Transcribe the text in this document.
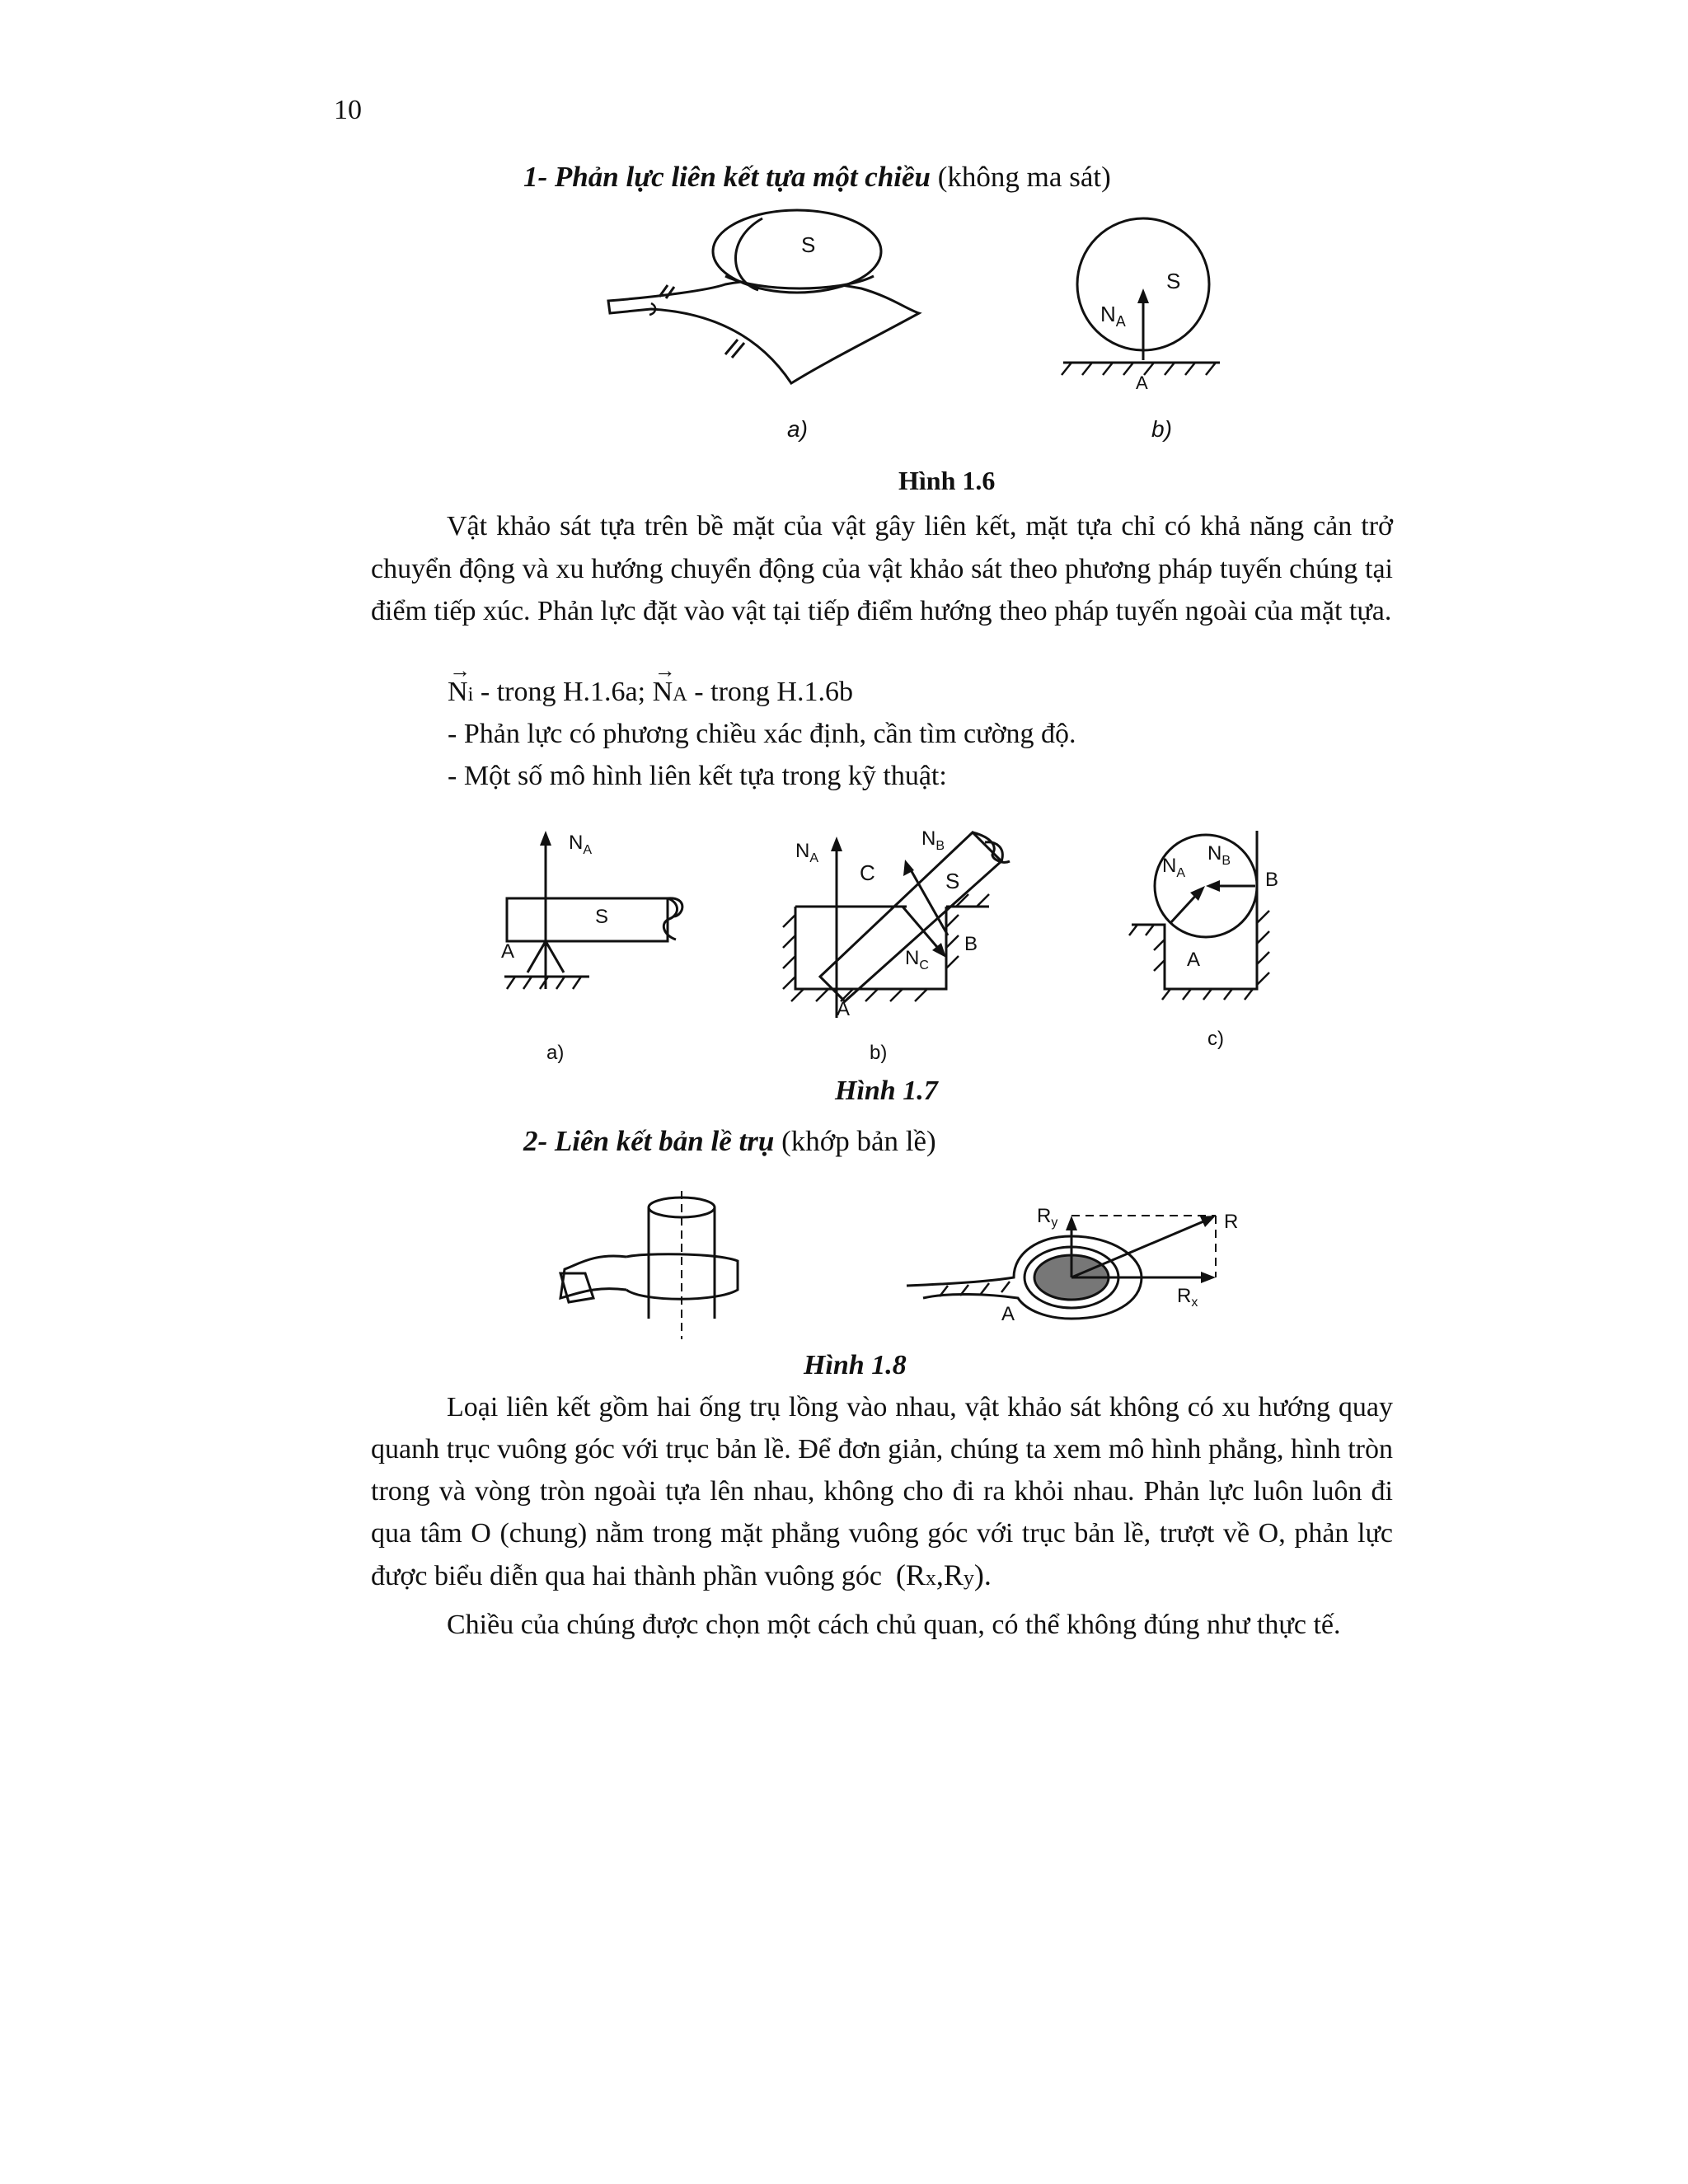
10
1- Phản lực liên kết tựa một chiều (không ma sát)
S
a)
S
$N_A$
A
b)
Hình 1.6

Vật khảo sát tựa trên bề mặt của vật gây liên kết, mặt tựa chỉ có khả năng cản trở chuyển động và xu hướng chuyển động của vật khảo sát theo phương pháp tuyến chúng tại điểm tiếp xúc. Phản lực đặt vào vật tại tiếp điểm hướng theo pháp tuyến ngoài của mặt tựa.

→
Ni - trong H.1.6a;
→
NA - trong H.1.6b
- Phản lực có phương chiều xác định, cần tìm cường độ.
- Một số mô hình liên kết tựa trong kỹ thuật:
$N_A$
S
A
a)
$N_A$
$N_B$
$N_C$
C	S
B
A
b)
$N_A$
$N_B$
B
A
c)
Hình 1.7
2- Liên kết bản lề trụ (khớp bản lề)
$R_y$	R
$R_x$
A
Hình 1.8

Loại liên kết gồm hai ống trụ lồng vào nhau, vật khảo sát không có xu hướng quay quanh trục vuông góc với trục bản lề. Để đơn giản, chúng ta xem mô hình phẳng, hình tròn trong và vòng tròn ngoài tựa lên nhau, không cho đi ra khỏi nhau. Phản lực luôn luôn đi qua tâm O (chung) nằm trong mặt phẳng vuông góc với trục bản lề, trượt về O, phản lực được biểu diễn qua hai thành phần vuông góc (Rx,Ry).

Chiều của chúng được chọn một cách chủ quan, có thể không đúng như thực tế.
